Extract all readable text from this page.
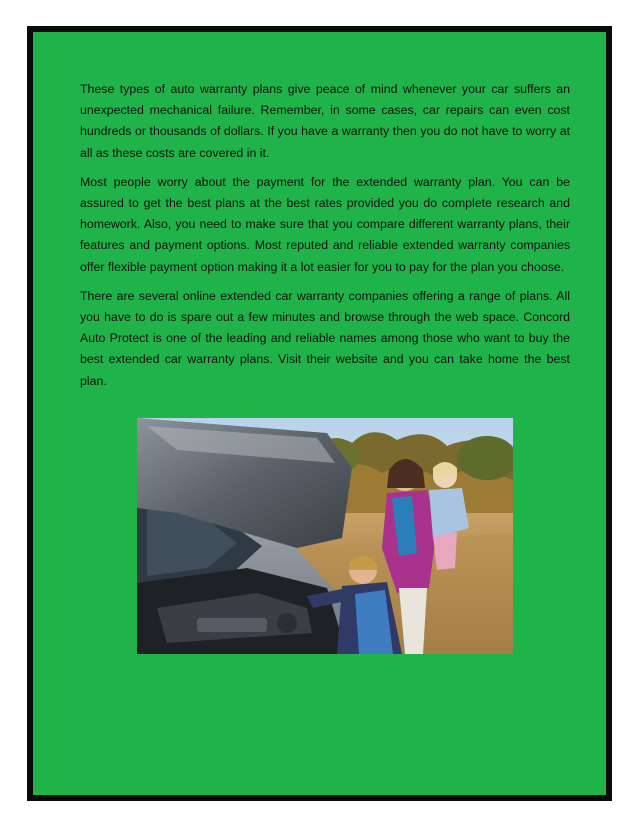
These types of auto warranty plans give peace of mind whenever your car suffers an unexpected mechanical failure. Remember, in some cases, car repairs can even cost hundreds or thousands of dollars. If you have a warranty then you do not have to worry at all as these costs are covered in it.

Most people worry about the payment for the extended warranty plan. You can be assured to get the best plans at the best rates provided you do complete research and homework. Also, you need to make sure that you compare different warranty plans, their features and payment options. Most reputed and reliable extended warranty companies offer flexible payment option making it a lot easier for you to pay for the plan you choose.

There are several online extended car warranty companies offering a range of plans. All you have to do is spare out a few minutes and browse through the web space. Concord Auto Protect is one of the leading and reliable names among those who want to buy the best extended car warranty plans. Visit their website and you can take home the best plan.
